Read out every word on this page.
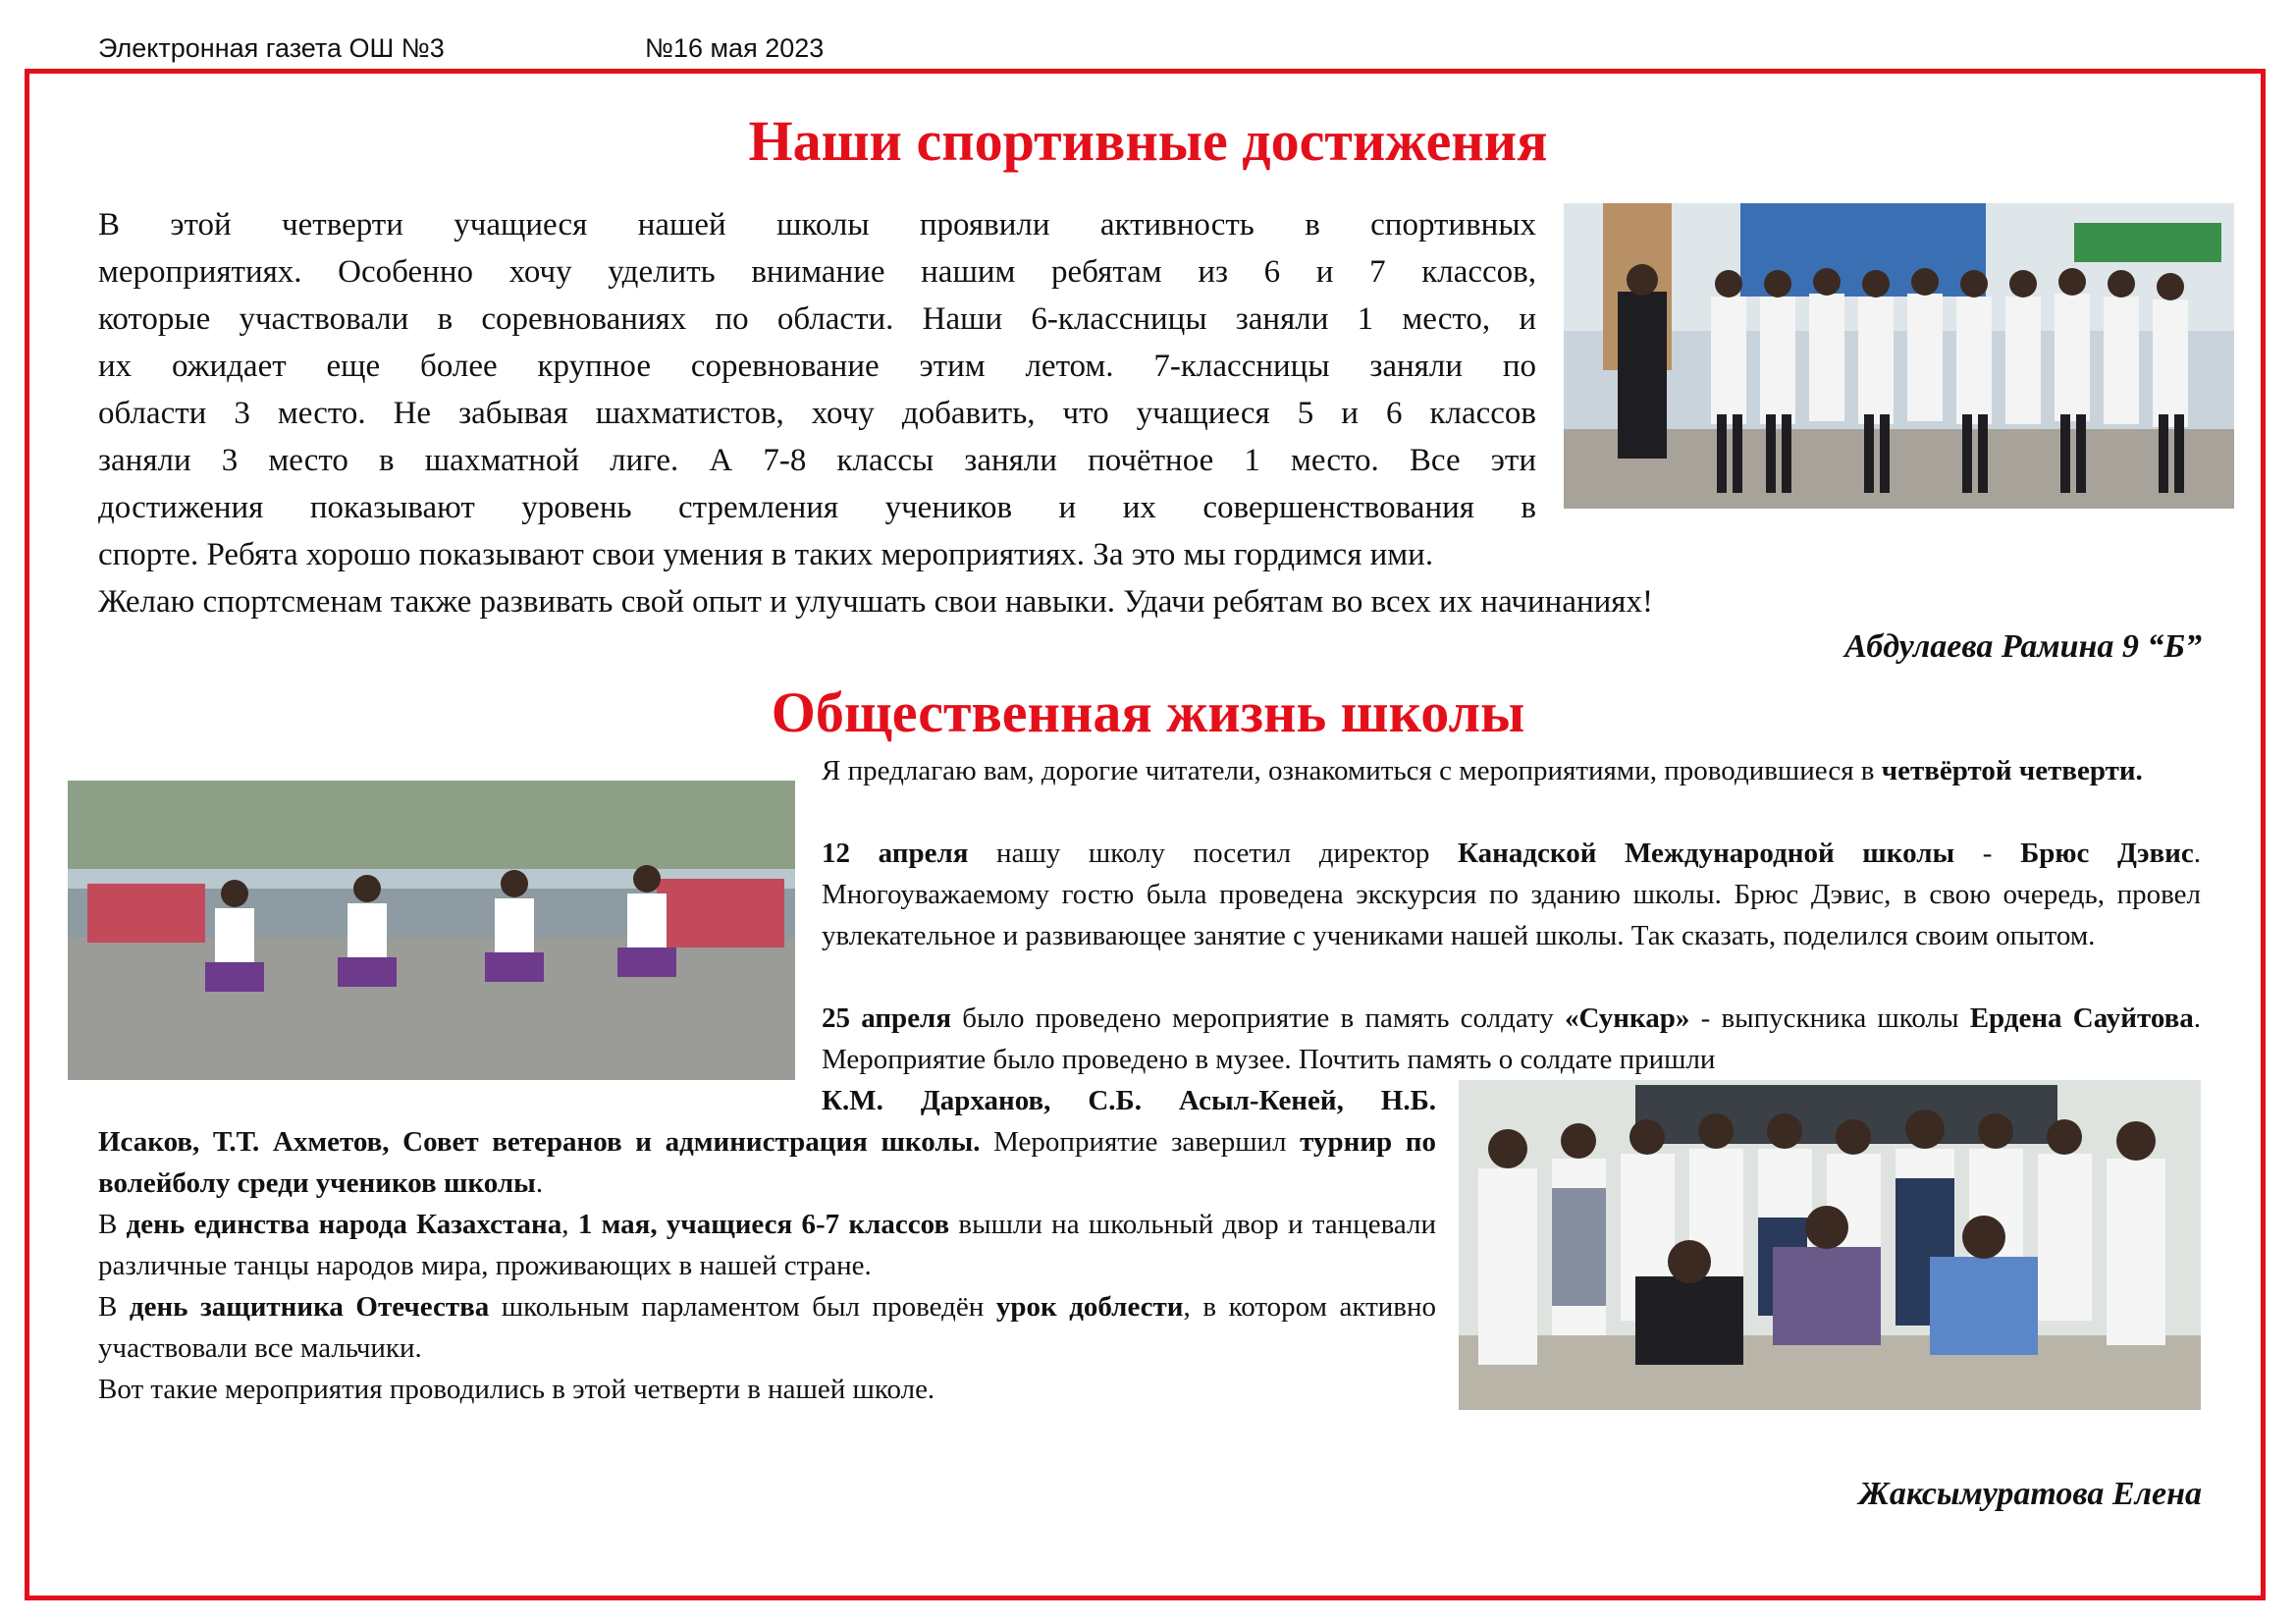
Электронная газета ОШ №3	№16 мая 2023
Наши спортивные достижения

В этой четверти учащиеся нашей школы проявили активность в спортивных

мероприятиях. Особенно хочу уделить внимание нашим ребятам из 6 и 7 классов,

которые участвовали в соревнованиях по области. Наши 6-классницы заняли 1 место, и

их ожидает еще более крупное соревнование этим летом. 7-классницы заняли по

области 3 место. Не забывая шахматистов, хочу добавить, что учащиеся 5 и 6 классов

заняли 3 место в шахматной лиге. А 7-8 классы заняли почётное 1 место. Все эти

достижения показывают уровень стремления учеников и их совершенствования в

спорте. Ребята хорошо показывают свои умения в таких мероприятиях. За это мы гордимся ими.

Желаю спортсменам также развивать свой опыт и улучшать свои навыки. Удачи ребятам во всех их начинаниях!

Абдулаева Рамина 9 “Б”
Общественная жизнь школы

Я предлагаю вам, дорогие читатели, ознакомиться с мероприятиями, проводившиеся в четвёртой четверти.

12 апреля нашу школу посетил директор Канадской Международной школы - Брюс Дэвис. Многоуважаемому гостю была проведена экскурсия по зданию школы. Брюс Дэвис, в свою очередь, провел увлекательное и развивающее занятие с учениками нашей школы. Так сказать, поделился своим опытом.

25 апреля было проведено мероприятие в память солдату «Сункар» - выпускника школы Ердена Сауйтова. Мероприятие было проведено в музее. Почтить память о солдате пришли

К.М. Дарханов, С.Б. Асыл-Кеней, Н.Б.

Исаков, Т.Т. Ахметов, Совет ветеранов и администрация школы. Мероприятие завершил турнир по волейболу среди учеников школы.

В день единства народа Казахстана, 1 мая, учащиеся 6-7 классов вышли на школьный двор и танцевали различные танцы народов мира, проживающих в нашей стране.

В день защитника Отечества школьным парламентом был проведён урок доблести, в котором активно участвовали все мальчики.

Вот такие мероприятия проводились в этой четверти в нашей школе.

Жаксымуратова Елена
